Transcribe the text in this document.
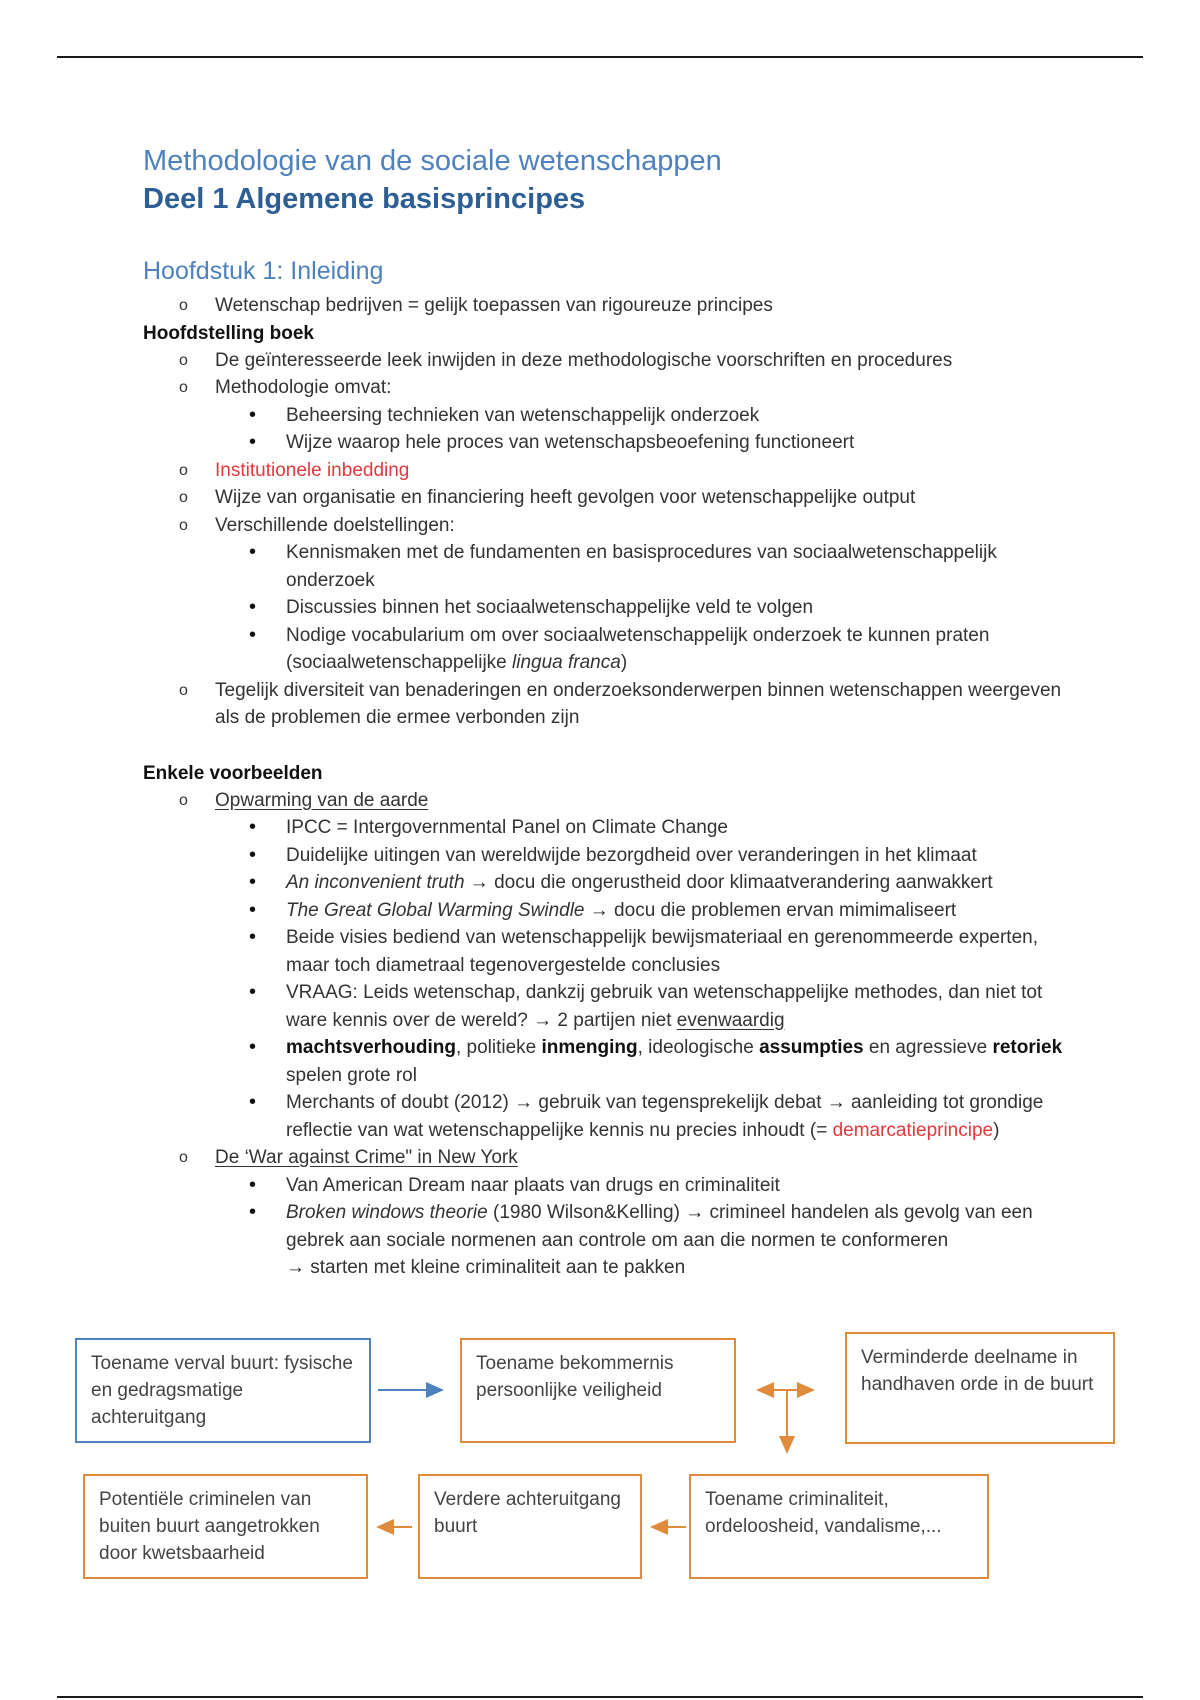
Methodologie van de sociale wetenschappen
Deel 1 Algemene basisprincipes
Hoofdstuk 1: Inleiding
o Wetenschap bedrijven = gelijk toepassen van rigoureuze principes
Hoofdstelling boek
o De geïnteresseerde leek inwijden in deze methodologische voorschriften en procedures
o Methodologie omvat:
• Beheersing technieken van wetenschappelijk onderzoek
• Wijze waarop hele proces van wetenschapsbeoefening functioneert
o Institutionele inbedding
o Wijze van organisatie en financiering heeft gevolgen voor wetenschappelijke output
o Verschillende doelstellingen:
• Kennismaken met de fundamenten en basisprocedures van sociaalwetenschappelijk onderzoek
• Discussies binnen het sociaalwetenschappelijke veld te volgen
• Nodige vocabularium om over sociaalwetenschappelijk onderzoek te kunnen praten (sociaalwetenschappelijke lingua franca)
o Tegelijk diversiteit van benaderingen en onderzoeksonderwerpen binnen wetenschappen weergeven als de problemen die ermee verbonden zijn
Enkele voorbeelden
o Opwarming van de aarde
• IPCC = Intergovernmental Panel on Climate Change
• Duidelijke uitingen van wereldwijde bezorgdheid over veranderingen in het klimaat
• An inconvenient truth → docu die ongerustheid door klimaatverandering aanwakkert
• The Great Global Warming Swindle → docu die problemen ervan mimimaliseert
• Beide visies bediend van wetenschappelijk bewijsmateriaal en gerenommeerde experten, maar toch diametraal tegenovergestelde conclusies
• VRAAG: Leids wetenschap, dankzij gebruik van wetenschappelijke methodes, dan niet tot ware kennis over de wereld? → 2 partijen niet evenwaardig
• machtsverhouding, politieke inmenging, ideologische assumpties en agressieve retoriek spelen grote rol
• Merchants of doubt (2012) → gebruik van tegensprekelijk debat → aanleiding tot grondige reflectie van wat wetenschappelijke kennis nu precies inhoudt (= demarcatieprincipe)
o De ‘War against Crime" in New York
• Van American Dream naar plaats van drugs en criminaliteit
• Broken windows theorie (1980 Wilson&Kelling) → crimineel handelen als gevolg van een gebrek aan sociale normenen aan controle om aan die normen te conformeren
→ starten met kleine criminaliteit aan te pakken
Toename verval buurt: fysische en gedragsmatige achteruitgang
Toename bekommernis persoonlijke veiligheid
Verminderde deelname in handhaven orde in de buurt
Toename criminaliteit, ordeloosheid, vandalisme,...
Verdere achteruitgang buurt
Potentiële criminelen van buiten buurt aangetrokken door kwetsbaarheid
